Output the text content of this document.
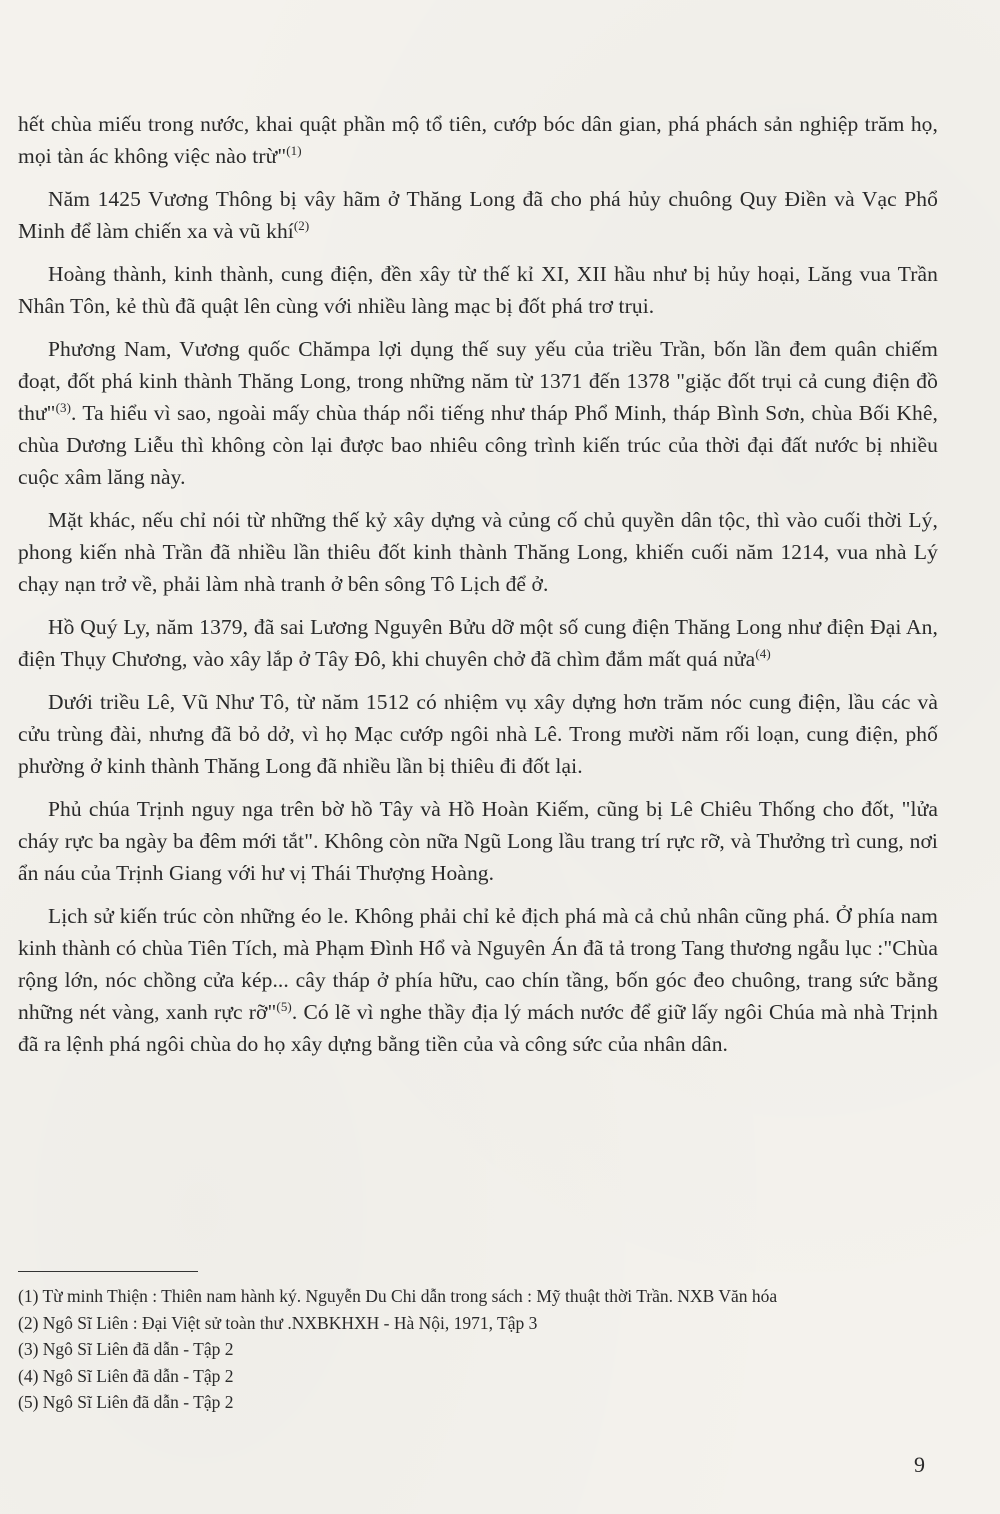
hết chùa miếu trong nước, khai quật phần mộ tổ tiên, cướp bóc dân gian, phá phách sản nghiệp trăm họ, mọi tàn ác không việc nào trừ"$^{(1)}$

Năm 1425 Vương Thông bị vây hãm ở Thăng Long đã cho phá hủy chuông Quy Điền và Vạc Phổ Minh để làm chiến xa và vũ khí$^{(2)}$

Hoàng thành, kinh thành, cung điện, đền xây từ thế kỉ XI, XII hầu như bị hủy hoại, Lăng vua Trần Nhân Tôn, kẻ thù đã quật lên cùng với nhiều làng mạc bị đốt phá trơ trụi.

Phương Nam, Vương quốc Chămpa lợi dụng thế suy yếu của triều Trần, bốn lần đem quân chiếm đoạt, đốt phá kinh thành Thăng Long, trong những năm từ 1371 đến 1378 "giặc đốt trụi cả cung điện đồ thư"$^{(3)}$. Ta hiểu vì sao, ngoài mấy chùa tháp nổi tiếng như tháp Phổ Minh, tháp Bình Sơn, chùa Bối Khê, chùa Dương Liễu thì không còn lại được bao nhiêu công trình kiến trúc của thời đại đất nước bị nhiều cuộc xâm lăng này.

Mặt khác, nếu chỉ nói từ những thế kỷ xây dựng và củng cố chủ quyền dân tộc, thì vào cuối thời Lý, phong kiến nhà Trần đã nhiều lần thiêu đốt kinh thành Thăng Long, khiến cuối năm 1214, vua nhà Lý chạy nạn trở về, phải làm nhà tranh ở bên sông Tô Lịch để ở.

Hồ Quý Ly, năm 1379, đã sai Lương Nguyên Bửu dỡ một số cung điện Thăng Long như điện Đại An, điện Thụy Chương, vào xây lắp ở Tây Đô, khi chuyên chở đã chìm đắm mất quá nửa$^{(4)}$

Dưới triều Lê, Vũ Như Tô, từ năm 1512 có nhiệm vụ xây dựng hơn trăm nóc cung điện, lầu các và cửu trùng đài, nhưng đã bỏ dở, vì họ Mạc cướp ngôi nhà Lê. Trong mười năm rối loạn, cung điện, phố phường ở kinh thành Thăng Long đã nhiều lần bị thiêu đi đốt lại.

Phủ chúa Trịnh nguy nga trên bờ hồ Tây và Hồ Hoàn Kiếm, cũng bị Lê Chiêu Thống cho đốt, "lửa cháy rực ba ngày ba đêm mới tắt". Không còn nữa Ngũ Long lầu trang trí rực rỡ, và Thưởng trì cung, nơi ẩn náu của Trịnh Giang với hư vị Thái Thượng Hoàng.

Lịch sử kiến trúc còn những éo le. Không phải chỉ kẻ địch phá mà cả chủ nhân cũng phá. Ở phía nam kinh thành có chùa Tiên Tích, mà Phạm Đình Hổ và Nguyên Án đã tả trong Tang thương ngẫu lục :"Chùa rộng lớn, nóc chồng cửa kép... cây tháp ở phía hữu, cao chín tầng, bốn góc đeo chuông, trang sức bằng những nét vàng, xanh rực rỡ"$^{(5)}$. Có lẽ vì nghe thầy địa lý mách nước để giữ lấy ngôi Chúa mà nhà Trịnh đã ra lệnh phá ngôi chùa do họ xây dựng bằng tiền của và công sức của nhân dân.

(1) Từ minh Thiện : Thiên nam hành ký. Nguyễn Du Chi dẫn trong sách : Mỹ thuật thời Trần. NXB Văn hóa
(2) Ngô Sĩ Liên : Đại Việt sử toàn thư .NXBKHXH - Hà Nội, 1971, Tập 3
(3) Ngô Sĩ Liên đã dẫn - Tập 2
(4) Ngô Sĩ Liên đã dẫn - Tập 2
(5) Ngô Sĩ Liên đã dẫn - Tập 2
9
